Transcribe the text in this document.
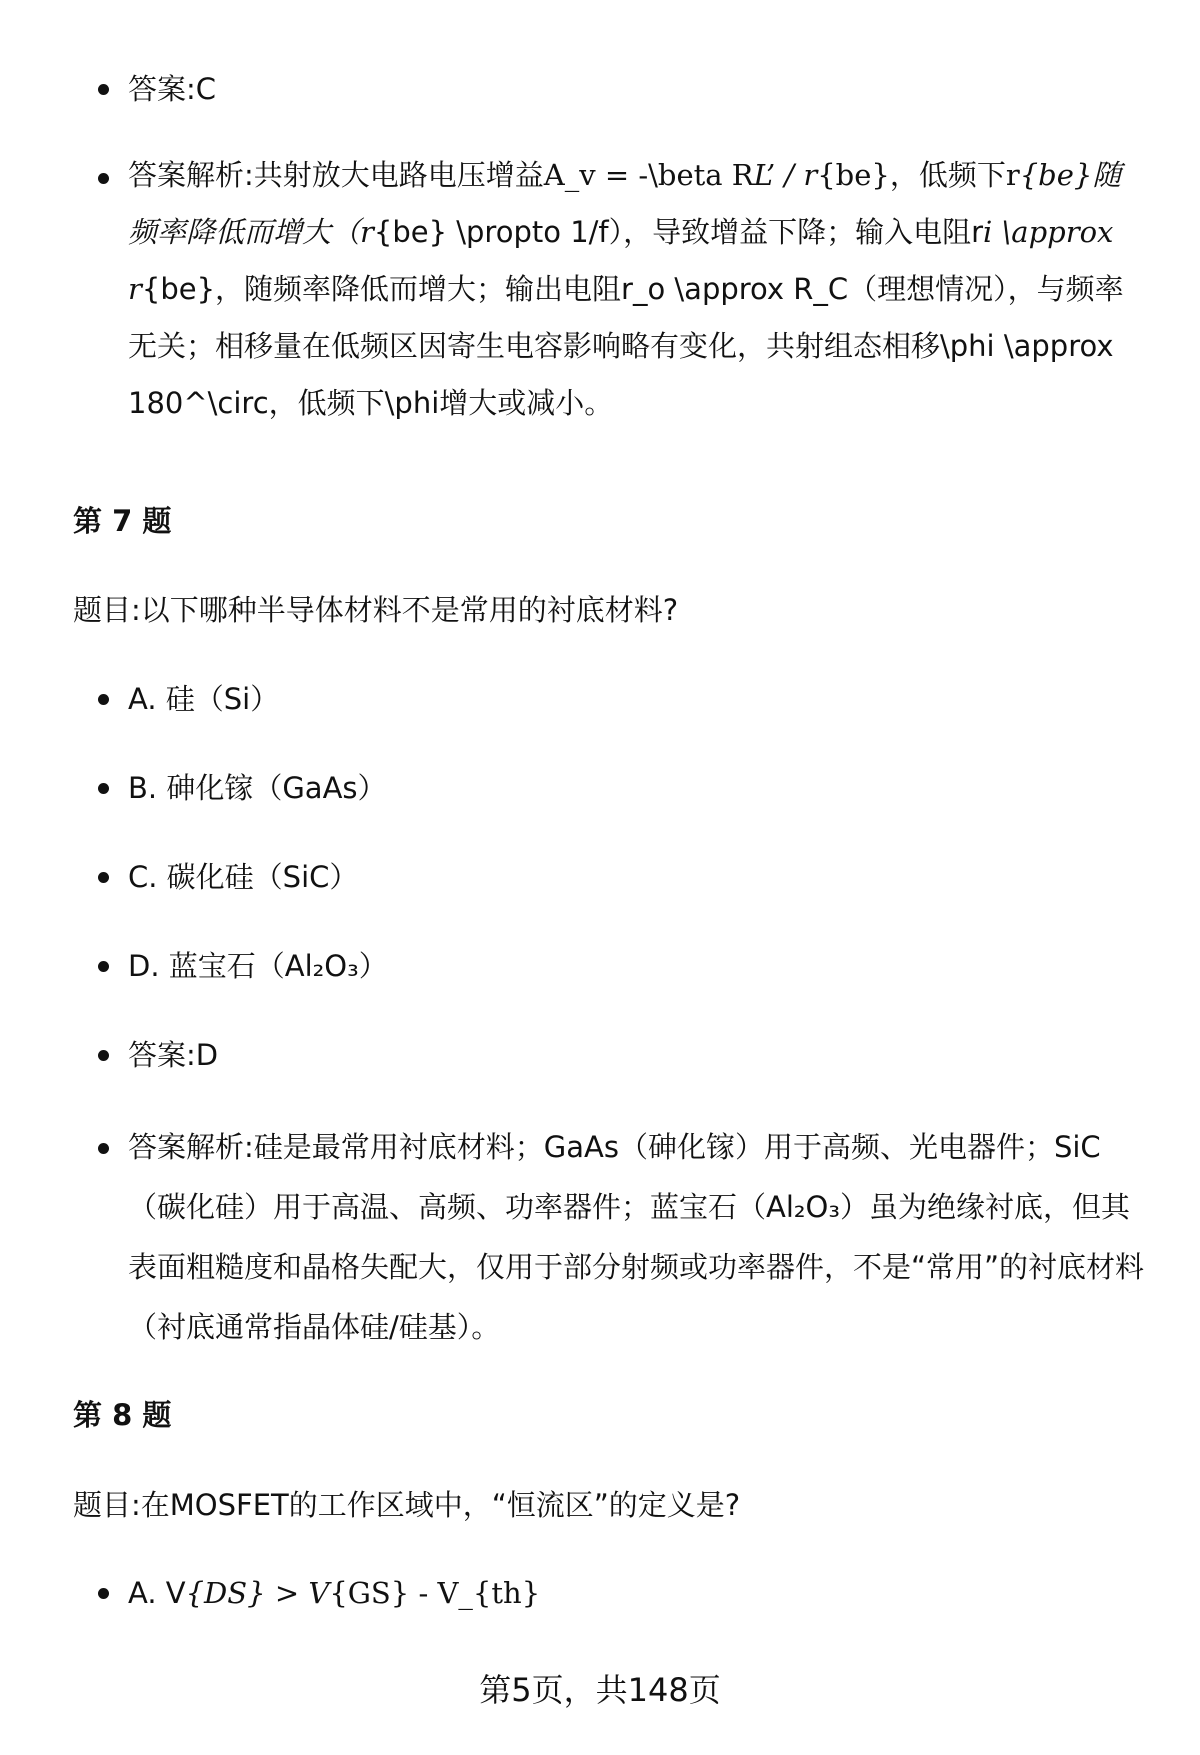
答案:C
答案解析:共射放大电路电压增益A_v = -\beta RL’ / r{be}，低频下r{be}随频率降低而增大（r{be} \propto 1/f），导致增益下降；输入电阻ri \approx r{be}，随频率降低而增大；输出电阻r_o \approx R_C（理想情况），与频率无关；相移量在低频区因寄生电容影响略有变化，共射组态相移\phi \approx 180^\circ，低频下\phi增大或减小。

第 7 题

题目:以下哪种半导体材料不是常用的衬底材料?

A. 硅（Si）
B. 砷化镓（GaAs）
C. 碳化硅（SiC）
D. 蓝宝石（Al₂O₃）
答案:D
答案解析:硅是最常用衬底材料；GaAs（砷化镓）用于高频、光电器件；SiC（碳化硅）用于高温、高频、功率器件；蓝宝石（Al₂O₃）虽为绝缘衬底，但其表面粗糙度和晶格失配大，仅用于部分射频或功率器件，不是“常用”的衬底材料（衬底通常指晶体硅/硅基）。

第 8 题

题目:在MOSFET的工作区域中，“恒流区”的定义是?

A. V{DS} > V{GS} - V_{th}
第5页，共148页
